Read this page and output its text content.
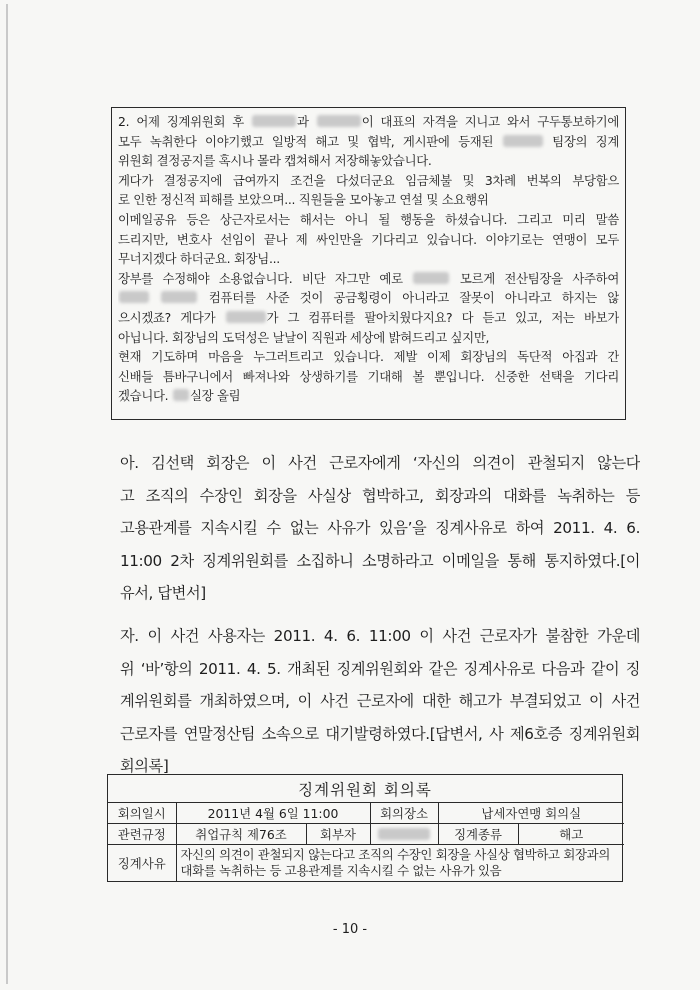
2. 어제 징계위원회 후	과	이 대표의 자격을 지니고 와서 구두통보하기에
모두 녹취한다 이야기했고 일방적 해고 및 협박, 게시판에 등재된	팀장의 징계
위원회 결정공지를 혹시나 몰라 캡쳐해서 저장해놓았습니다.
게다가 결정공지에 급여까지 조건을 다섰더군요 임금체불 및 3차례 번복의 부당함으
로 인한 정신적 피해를 보았으며... 직원들을 모아놓고 연설 및 소요행위
이메일공유 등은 상근자로서는 해서는 아니 될 행동을 하셨습니다. 그리고 미리 말씀
드리지만, 변호사 선임이 끝나 제 싸인만을 기다리고 있습니다. 이야기로는 연맹이 모두
무너지겠다 하더군요. 회장님...
장부를 수정해야 소용없습니다. 비단 자그만 예로	모르게 전산팀장을 사주하여
컴퓨터를 사준 것이 공금횡령이 아니라고 잘못이 아니라고 하지는 않
으시겠죠? 게다가	가 그 컴퓨터를 팔아치웠다지요? 다 듣고 있고, 저는 바보가
아닙니다. 회장님의 도덕성은 날날이 직원과 세상에 밝혀드리고 싶지만,
현재 기도하며 마음을 누그러트리고 있습니다. 제발 이제 회장님의 독단적 아집과 간
신배들 틈바구니에서 빠져나와 상생하기를 기대해 볼 뿐입니다. 신중한 선택을 기다리
겠습니다. 실장 올림
아. 김선택 회장은 이 사건 근로자에게 ‘자신의 의견이 관철되지 않는다
고 조직의 수장인 회장을 사실상 협박하고, 회장과의 대화를 녹취하는 등
고용관계를 지속시킬 수 없는 사유가 있음’을 징계사유로 하여 2011. 4. 6.
11:00 2차 징계위원회를 소집하니 소명하라고 이메일을 통해 통지하였다.[이
유서, 답변서]
자. 이 사건 사용자는 2011. 4. 6. 11:00 이 사건 근로자가 불참한 가운데
위 ‘바’항의 2011. 4. 5. 개최된 징계위원회와 같은 징계사유로 다음과 같이 징
계위원회를 개최하였으며, 이 사건 근로자에 대한 해고가 부결되었고 이 사건
근로자를 연말정산팀 소속으로 대기발령하였다.[답변서, 사 제6호증 징계위원회
회의록]
징계위원회 회의록
회의일시	2011년 4월 6일 11:00		회의장소	납세자연맹 회의실	
관련규정	취업규칙 제76조	회부자		징계종류	해고
징계사유	자신의 의견이 관철되지 않는다고 조직의 수장인 회장을 사실상 협박하고 회장과의 대화를 녹취하는 등 고용관계를 지속시킬 수 없는 사유가 있음				
- 10 -
